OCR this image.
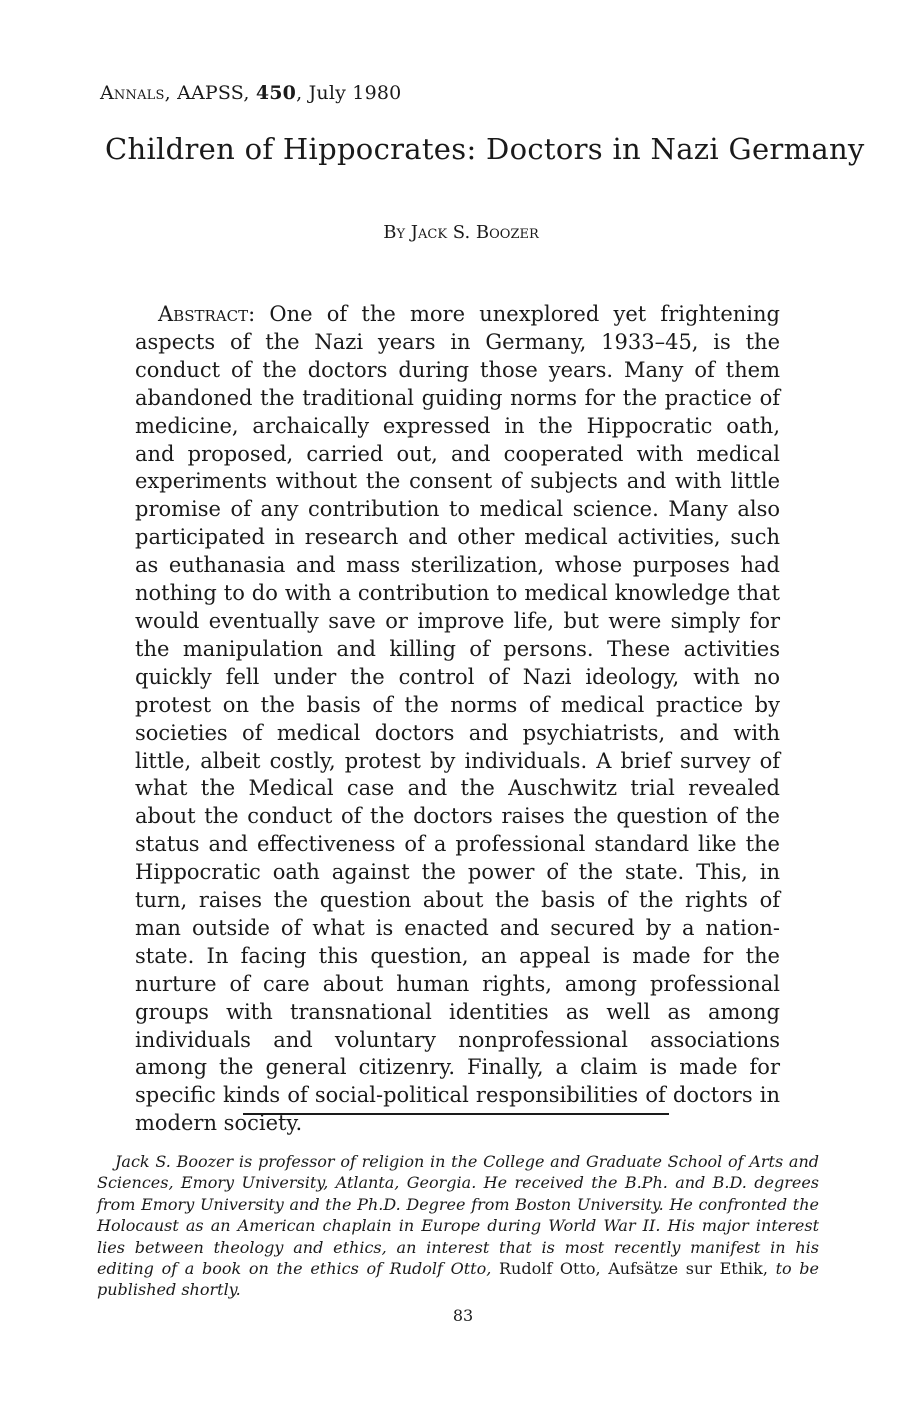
Annals, AAPSS, 450, July 1980
Children of Hippocrates: Doctors in Nazi Germany
By Jack S. Boozer

Abstract: One of the more unexplored yet frightening aspects of the Nazi years in Germany, 1933–45, is the conduct of the doctors during those years. Many of them abandoned the traditional guiding norms for the practice of medicine, archaically expressed in the Hippocratic oath, and proposed, carried out, and cooperated with medical experiments without the consent of subjects and with little promise of any contribution to medical science. Many also participated in research and other medical activities, such as euthanasia and mass sterilization, whose purposes had nothing to do with a contribution to medical knowledge that would eventually save or improve life, but were simply for the manipulation and killing of persons. These activities quickly fell under the control of Nazi ideology, with no protest on the basis of the norms of medical practice by societies of medical doctors and psychiatrists, and with little, albeit costly, protest by individuals. A brief survey of what the Medical case and the Auschwitz trial revealed about the conduct of the doctors raises the question of the status and effectiveness of a professional standard like the Hippocratic oath against the power of the state. This, in turn, raises the question about the basis of the rights of man outside of what is enacted and secured by a nation-state. In facing this question, an appeal is made for the nurture of care about human rights, among professional groups with transnational identities as well as among individuals and voluntary nonprofessional associations among the general citizenry. Finally, a claim is made for specific kinds of social-political responsibilities of doctors in modern society.

Jack S. Boozer is professor of religion in the College and Graduate School of Arts and Sciences, Emory University, Atlanta, Georgia. He received the B.Ph. and B.D. degrees from Emory University and the Ph.D. Degree from Boston University. He confronted the Holocaust as an American chaplain in Europe during World War II. His major interest lies between theology and ethics, an interest that is most recently manifest in his editing of a book on the ethics of Rudolf Otto, Rudolf Otto, Aufsätze sur Ethik, to be published shortly.

83
